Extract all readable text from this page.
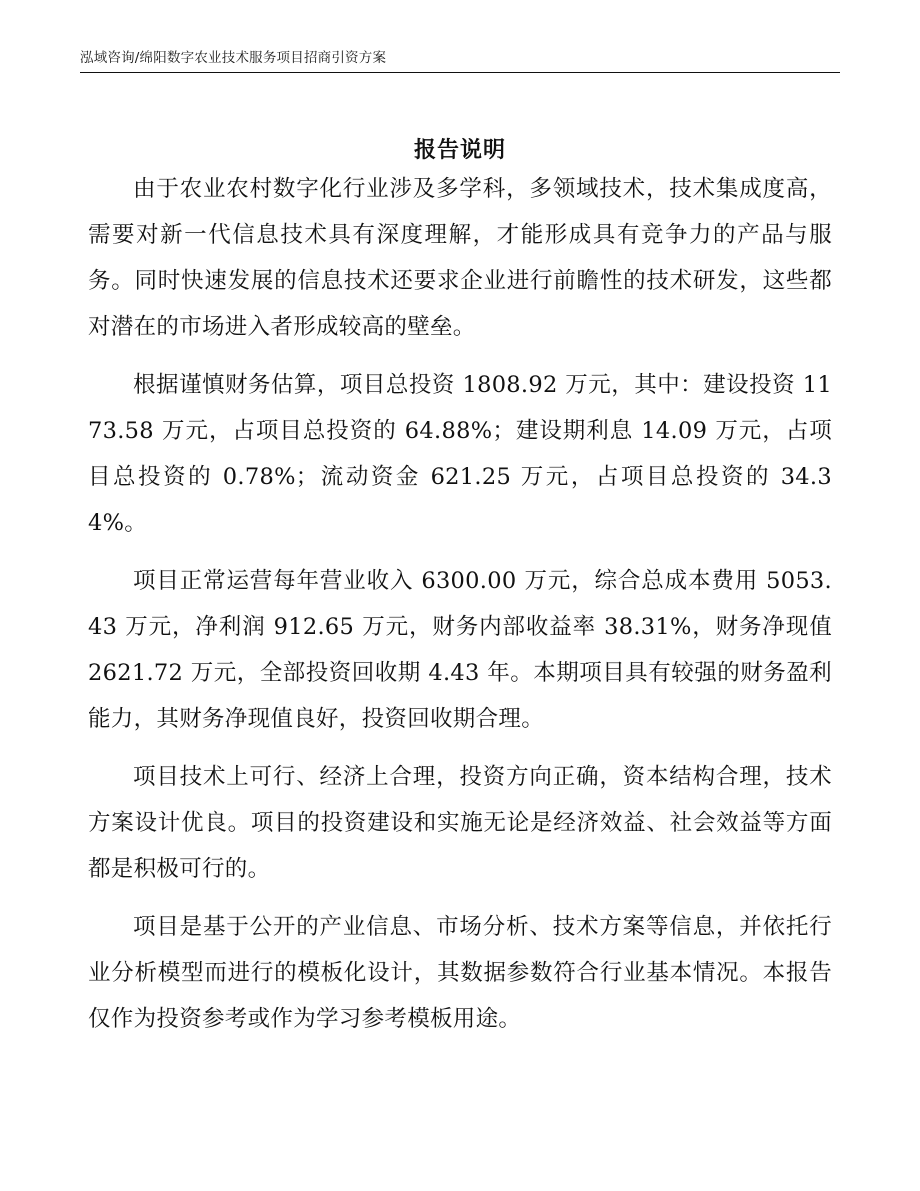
泓域咨询/绵阳数字农业技术服务项目招商引资方案
报告说明

由于农业农村数字化行业涉及多学科，多领域技术，技术集成度高，需要对新一代信息技术具有深度理解，才能形成具有竞争力的产品与服务。同时快速发展的信息技术还要求企业进行前瞻性的技术研发，这些都对潜在的市场进入者形成较高的壁垒。

根据谨慎财务估算，项目总投资 1808.92 万元，其中：建设投资 1173.58 万元，占项目总投资的 64.88%；建设期利息 14.09 万元，占项目总投资的 0.78%；流动资金 621.25 万元，占项目总投资的 34.34%。

项目正常运营每年营业收入 6300.00 万元，综合总成本费用 5053.43 万元，净利润 912.65 万元，财务内部收益率 38.31%，财务净现值 2621.72 万元，全部投资回收期 4.43 年。本期项目具有较强的财务盈利能力，其财务净现值良好，投资回收期合理。

项目技术上可行、经济上合理，投资方向正确，资本结构合理，技术方案设计优良。项目的投资建设和实施无论是经济效益、社会效益等方面都是积极可行的。

项目是基于公开的产业信息、市场分析、技术方案等信息，并依托行业分析模型而进行的模板化设计，其数据参数符合行业基本情况。本报告仅作为投资参考或作为学习参考模板用途。
